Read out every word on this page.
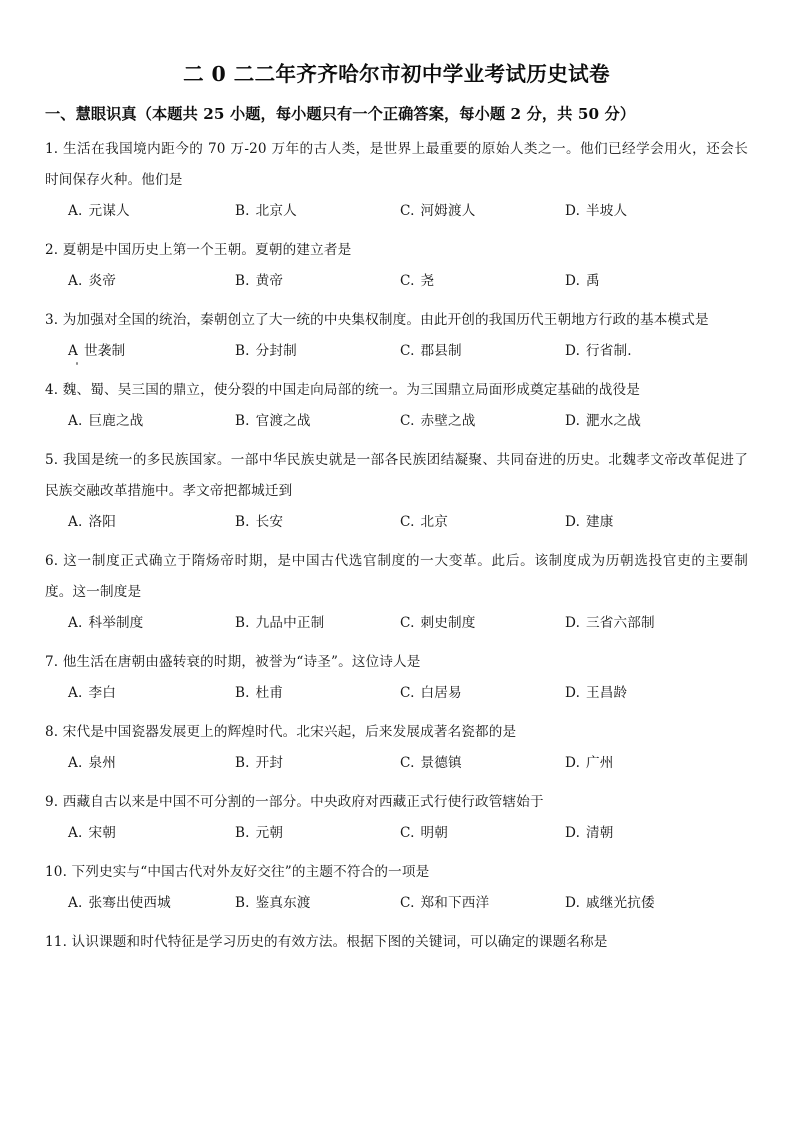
二 0 二二年齐齐哈尔市初中学业考试历史试卷
一、慧眼识真（本题共 25 小题，每小题只有一个正确答案，每小题 2 分，共 50 分）

1. 生活在我国境内距今的 70 万-20 万年的古人类，是世界上最重要的原始人类之一。他们已经学会用火，还会长时间保存火种。他们是

A. 元谋人	B. 北京人	C. 河姆渡人	D. 半坡人

2. 夏朝是中国历史上第一个王朝。夏朝的建立者是

A. 炎帝	B. 黄帝	C. 尧	D. 禹

3. 为加强对全国的统治，秦朝创立了大一统的中央集权制度。由此开创的我国历代王朝地方行政的基本模式是

A 世袭制	B. 分封制	C. 郡县制	D. 行省制.

4. 魏、蜀、吴三国的鼎立，使分裂的中国走向局部的统一。为三国鼎立局面形成奠定基础的战役是

A. 巨鹿之战	B. 官渡之战	C. 赤壁之战	D. 淝水之战

5. 我国是统一的多民族国家。一部中华民族史就是一部各民族团结凝聚、共同奋进的历史。北魏孝文帝改革促进了民族交融改革措施中。孝文帝把都城迁到

A. 洛阳	B. 长安	C. 北京	D. 建康

6. 这一制度正式确立于隋炀帝时期，是中国古代选官制度的一大变革。此后。该制度成为历朝选投官吏的主要制度。这一制度是

A. 科举制度	B. 九品中正制	C. 刺史制度	D. 三省六部制

7. 他生活在唐朝由盛转衰的时期，被誉为“诗圣”。这位诗人是

A. 李白	B. 杜甫	C. 白居易	D. 王昌龄

8. 宋代是中国瓷器发展更上的辉煌时代。北宋兴起，后来发展成著名瓷都的是

A. 泉州	B. 开封	C. 景德镇	D. 广州

9. 西藏自古以来是中国不可分割的一部分。中央政府对西藏正式行使行政管辖始于

A. 宋朝	B. 元朝	C. 明朝	D. 清朝

10. 下列史实与“中国古代对外友好交往”的主题不符合的一项是

A. 张骞出使西城	B. 鉴真东渡	C. 郑和下西洋	D. 戚继光抗倭

11. 认识课题和时代特征是学习历史的有效方法。根据下图的关键词，可以确定的课题名称是
